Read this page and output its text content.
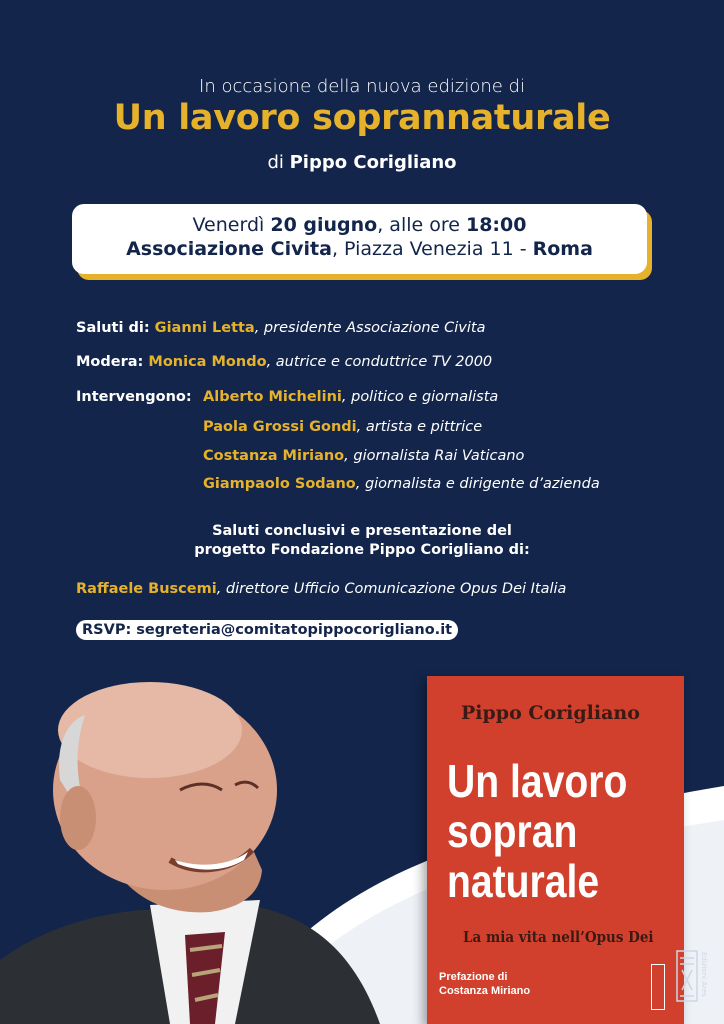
In occasione della nuova edizione di
Un lavoro soprannaturale
di Pippo Corigliano
Venerdì 20 giugno, alle ore 18:00
Associazione Civita, Piazza Venezia 11 - Roma
Saluti di: Gianni Letta, presidente Associazione Civita
Modera: Monica Mondo, autrice e conduttrice TV 2000
Intervengono: Alberto Michelini, politico e giornalista
Paola Grossi Gondi, artista e pittrice
Costanza Miriano, giornalista Rai Vaticano
Giampaolo Sodano, giornalista e dirigente d’azienda
Saluti conclusivi e presentazione del
progetto Fondazione Pippo Corigliano di:
Raffaele Buscemi, direttore Ufficio Comunicazione Opus Dei Italia
RSVP: segreteria@comitatopippocorigliano.it
Pippo Corigliano
Un lavoro
sopran
naturale
La mia vita nell’Opus Dei
Prefazione di
Costanza Miriano	Edizioni Ares
